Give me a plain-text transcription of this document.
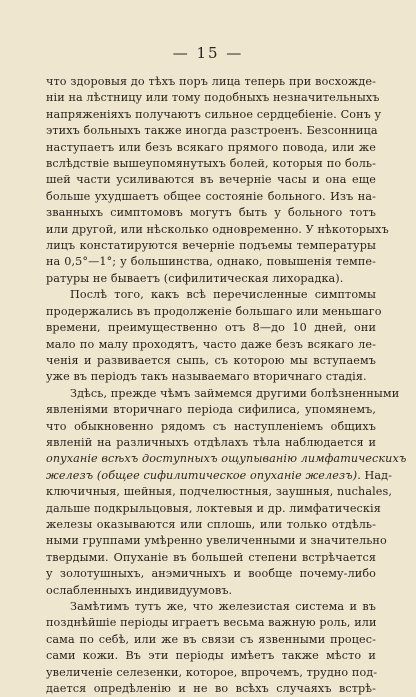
— 15 —
что здоровыя до тѣхъ поръ лица теперь при восхожде-
ніи на лѣстницу или тому подобныхъ незначительныхъ
напряженіяхъ получаютъ сильное сердцебіеніе. Сонъ у
этихъ больныхъ также иногда разстроенъ. Безсонница
наступаетъ или безъ всякаго прямого повода, или же
вслѣдствіе вышеупомянутыхъ болей, которыя по боль-
шей части усиливаются въ вечерніе часы и она еще
больше ухудшаетъ общее состояніе больного. Изъ на-
званныхъ симптомовъ могутъ быть у больного тотъ
или другой, или нѣсколько одновременно. У нѣкоторыхъ
лицъ констатируются вечерніе подъемы температуры
на 0,5°—1°; у большинства, однако, повышенія темпе-
ратуры не бываетъ (сифилитическая лихорадка).
Послѣ того, какъ всѣ перечисленные симптомы
продержались въ продолженіе большаго или меньшаго
времени, преимущественно отъ 8—до 10 дней, они
мало по малу проходятъ, часто даже безъ всякаго ле-
ченія и развивается сыпь, съ которою мы вступаемъ
уже въ періодъ такъ называемаго вторичнаго стадія.
Здѣсь, прежде чѣмъ займемся другими болѣзненными
явленіями вторичнаго періода сифилиса, упомянемъ,
что обыкновенно рядомъ съ наступленіемъ общихъ
явленій на различныхъ отдѣлахъ тѣла наблюдается и
опуханіе всѣхъ доступныхъ ощупыванію лимфатическихъ
железъ (общее сифилитическое опуханіе железъ). Над-
ключичныя, шейныя, подчелюстныя, заушныя, nuchales,
дальше подкрыльцовыя, локтевыя и др. лимфатическія
железы оказываются или сплошь, или только отдѣль-
ными группами умѣренно увеличенными и значительно
твердыми. Опуханіе въ большей степени встрѣчается
у золотушныхъ, анэмичныхъ и вообще почему-либо
ослабленныхъ индивидуумовъ.
Замѣтимъ тутъ же, что железистая система и въ
позднѣйшіе періоды играетъ весьма важную роль, или
сама по себѣ, или же въ связи съ язвенными процес-
сами кожи. Въ эти періоды имѣетъ также мѣсто и
увеличеніе селезенки, которое, впрочемъ, трудно под-
дается опредѣленію и не во всѣхъ случаяхъ встрѣ-
